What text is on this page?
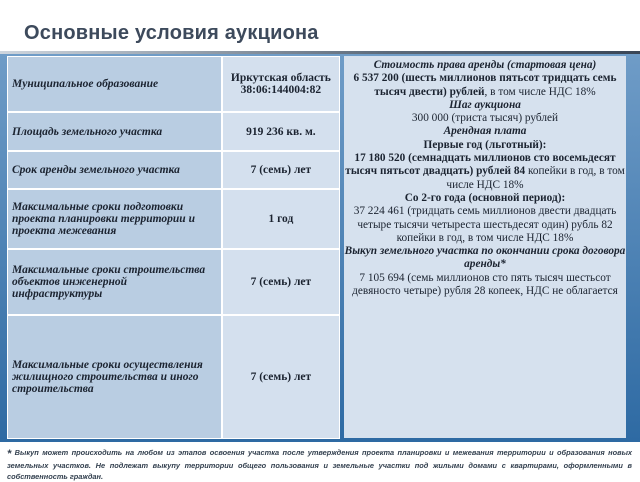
Основные условия аукциона
Муниципальное образование	Иркутская область 38:06:144004:82
Площадь земельного участка	919 236 кв. м.
Срок аренды земельного участка	7 (семь) лет
Максимальные сроки подготовки проекта планировки территории и проекта межевания	1 год
Максимальные сроки строительства объектов инженерной инфраструктуры	7 (семь) лет
Максимальные сроки осуществления жилищного строительства и иного строительства	7 (семь) лет

Стоимость права аренды (стартовая цена)

6 537 200 (шесть миллионов пятьсот тридцать семь тысяч двести) рублей, в том числе НДС 18%

Шаг аукциона

300 000 (триста тысяч) рублей

Арендная плата

Первые год (льготный):

17 180 520 (семнадцать миллионов сто восемьдесят тысяч пятьсот двадцать) рублей 84 копейки в год, в том числе НДС 18%

Со 2-го года (основной период):

37 224 461 (тридцать семь миллионов двести двадцать четыре тысячи четыреста шестьдесят один) рубль 82 копейки в год, в том числе НДС 18%

Выкуп земельного участка по окончании срока договора аренды*

7 105 694 (семь миллионов сто пять тысяч шестьсот девяносто четыре) рубля 28 копеек, НДС не облагается

* Выкуп может происходить на любом из этапов освоения участка после утверждения проекта планировки и межевания территории и образования новых земельных участков. Не подлежат выкупу территории общего пользования и земельные участки под жилыми домами с квартирами, оформленными в собственность граждан.
